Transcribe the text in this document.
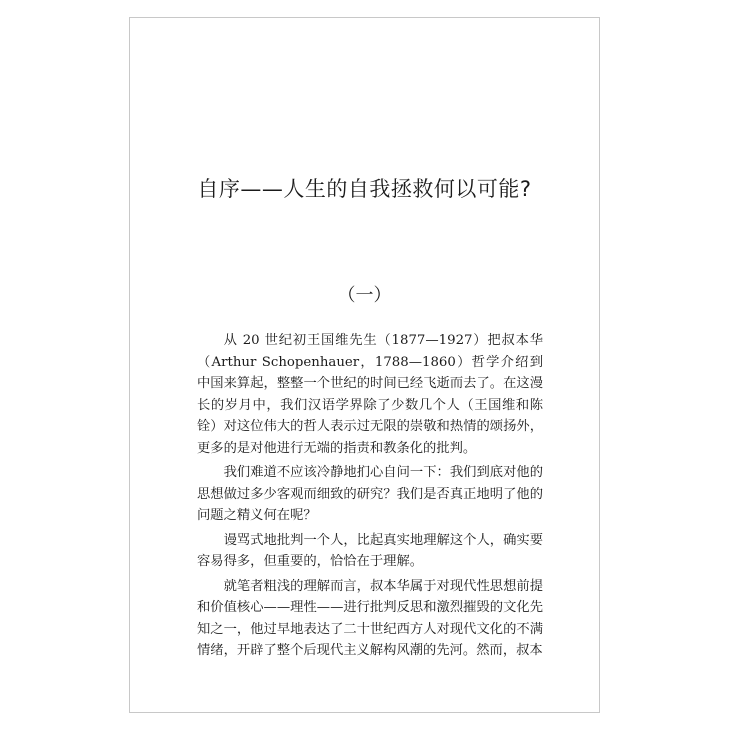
自序——人生的自我拯救何以可能?
（一）

从 20 世纪初王国维先生（1877—1927）把叔本华（Arthur Schopenhauer，1788—1860）哲学介绍到中国来算起，整整一个世纪的时间已经飞逝而去了。在这漫长的岁月中，我们汉语学界除了少数几个人（王国维和陈铨）对这位伟大的哲人表示过无限的崇敬和热情的颂扬外，更多的是对他进行无端的指责和教条化的批判。

我们难道不应该冷静地扪心自问一下：我们到底对他的思想做过多少客观而细致的研究？我们是否真正地明了他的问题之精义何在呢？

谩骂式地批判一个人，比起真实地理解这个人，确实要容易得多，但重要的，恰恰在于理解。

就笔者粗浅的理解而言，叔本华属于对现代性思想前提和价值核心——理性——进行批判反思和激烈摧毁的文化先知之一，他过早地表达了二十世纪西方人对现代文化的不满情绪，开辟了整个后现代主义解构风潮的先河。然而，叔本
